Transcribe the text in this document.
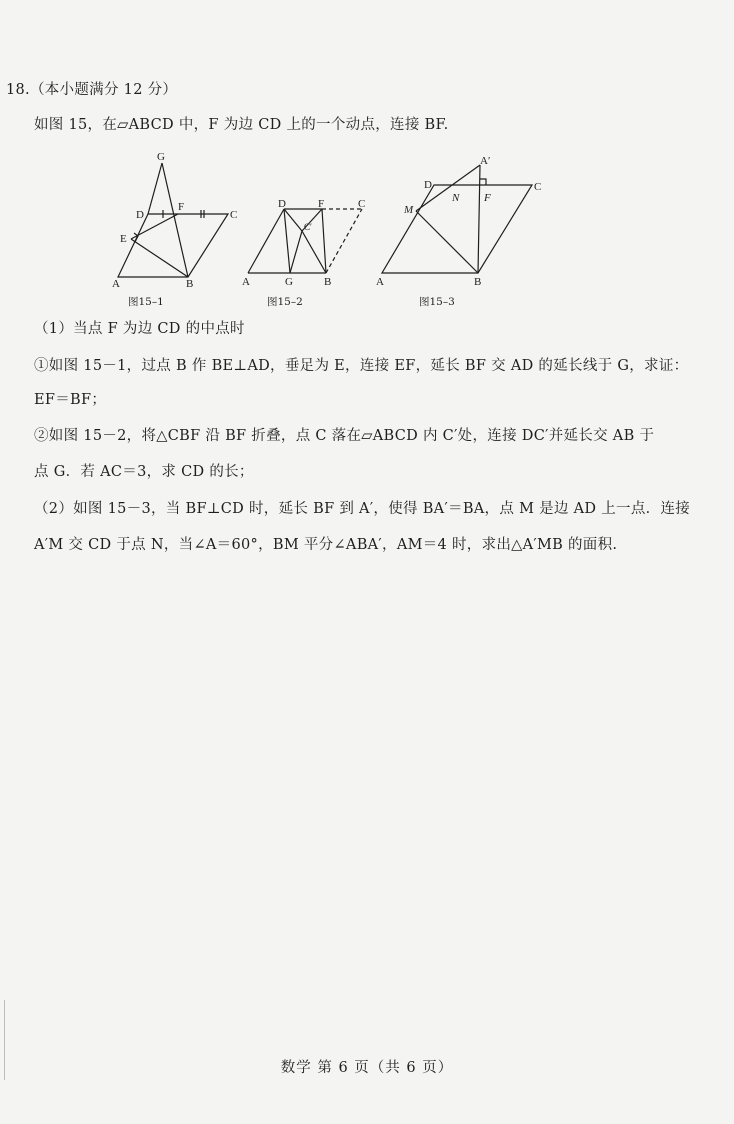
18.（本小题满分 12 分）
如图 15，在▱ABCD 中，F 为边 CD 上的一个动点，连接 BF.
G
D
F
C
E
A	B
图15–1
D	F	C
C′
A	G	B
图15–2
A′
D	C
M
N F
A	B
图15–3
（1）当点 F 为边 CD 的中点时
①如图 15－1，过点 B 作 BE⊥AD，垂足为 E，连接 EF，延长 BF 交 AD 的延长线于 G，求证：
EF＝BF；
②如图 15－2，将△CBF 沿 BF 折叠，点 C 落在▱ABCD 内 C′处，连接 DC′并延长交 AB 于
点 G．若 AC＝3，求 CD 的长；
（2）如图 15－3，当 BF⊥CD 时，延长 BF 到 A′，使得 BA′＝BA，点 M 是边 AD 上一点．连接
A′M 交 CD 于点 N，当∠A＝60°，BM 平分∠ABA′，AM＝4 时，求出△A′MB 的面积.
数学 第 6 页（共 6 页）
